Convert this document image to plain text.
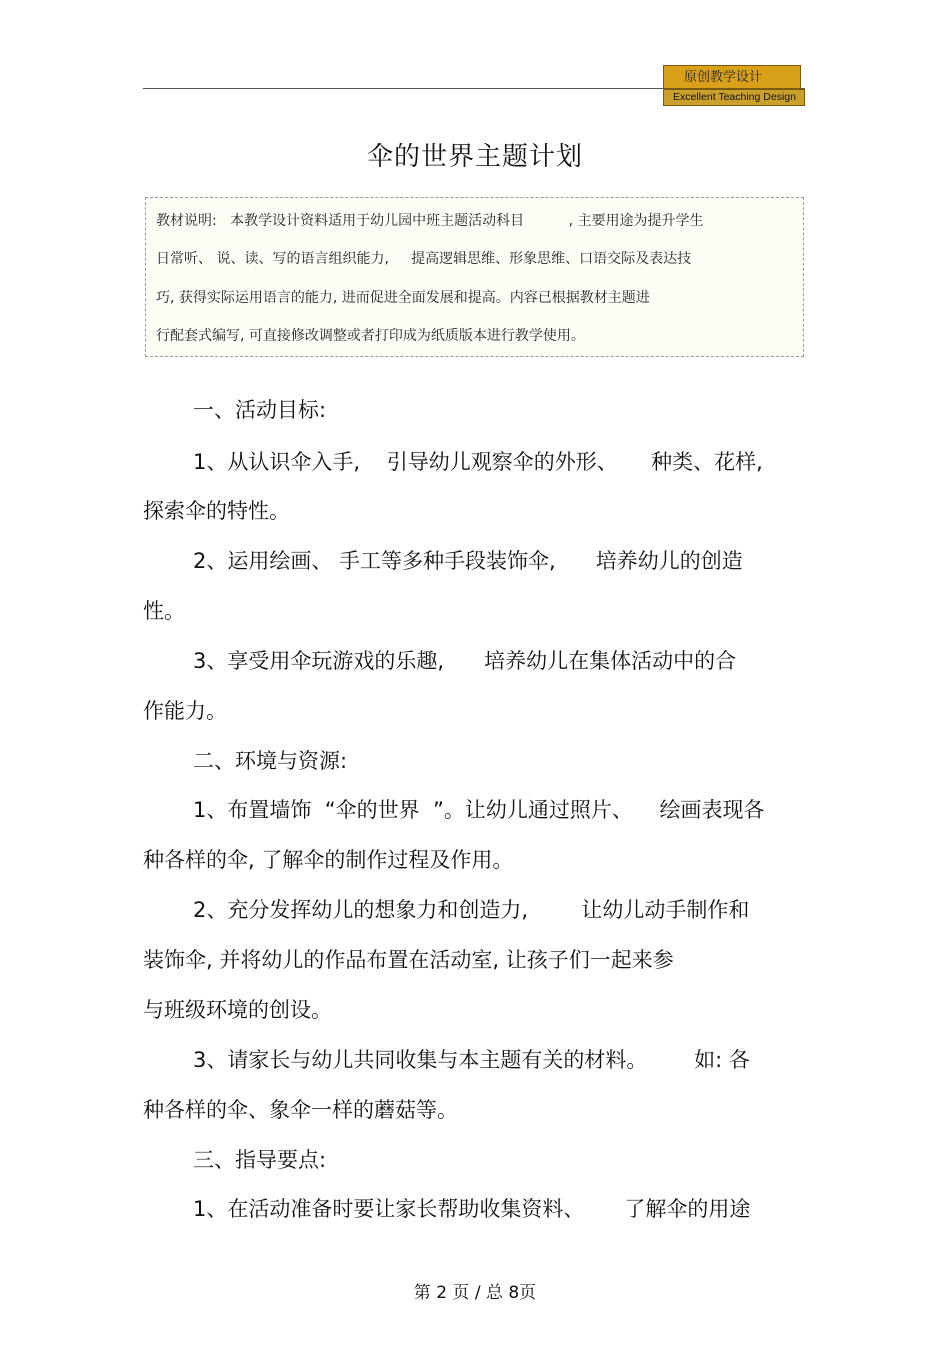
原创教学设计
Excellent Teaching Design
伞的世界主题计划
教材说明:   本教学设计资料适用于幼儿园中班主题活动科目          , 主要用途为提升学生
日常听、 说、读、写的语言组织能力,     提高逻辑思维、形象思维、口语交际及表达技
巧, 获得实际运用语言的能力, 进而促进全面发展和提高。内容已根据教材主题进
行配套式编写, 可直接修改调整或者打印成为纸质版本进行教学使用。
一、活动目标:
1、从认识伞入手,    引导幼儿观察伞的外形、     种类、花样,
探索伞的特性。
2、运用绘画、 手工等多种手段装饰伞,      培养幼儿的创造
性。
3、享受用伞玩游戏的乐趣,      培养幼儿在集体活动中的合
作能力。
二、环境与资源:
1、布置墙饰  “伞的世界  ”。让幼儿通过照片、    绘画表现各
种各样的伞, 了解伞的制作过程及作用。
2、充分发挥幼儿的想象力和创造力,        让幼儿动手制作和
装饰伞, 并将幼儿的作品布置在活动室, 让孩子们一起来参
与班级环境的创设。
3、请家长与幼儿共同收集与本主题有关的材料。       如: 各
种各样的伞、象伞一样的蘑菇等。
三、指导要点:
1、在活动准备时要让家长帮助收集资料、      了解伞的用途
第 2 页 / 总 8页
